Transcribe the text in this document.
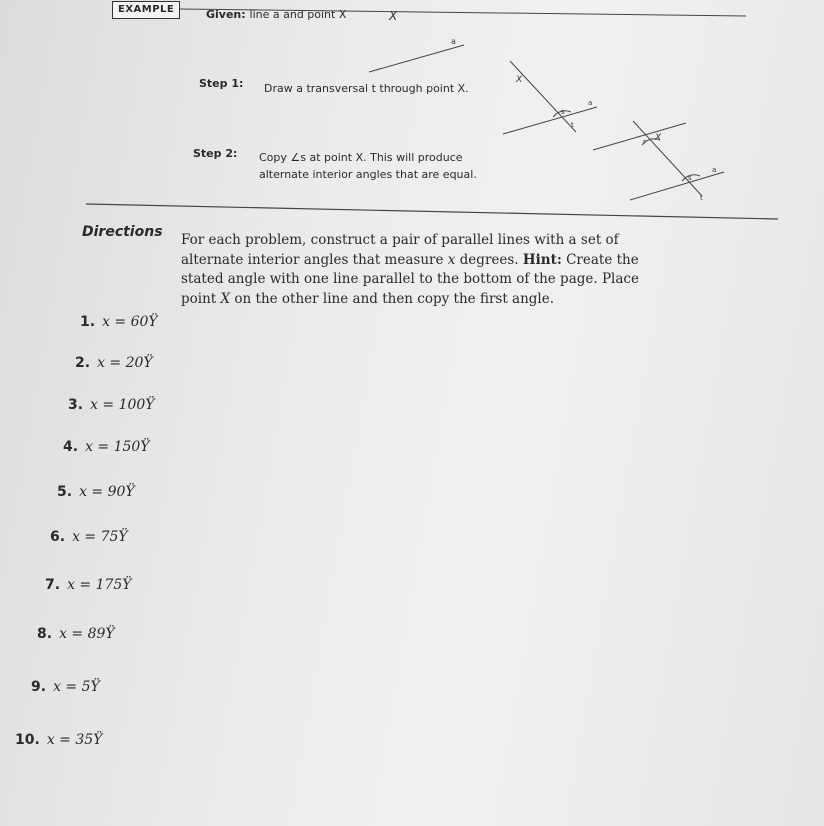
EXAMPLE	Given: line a and point X
Step 1: Draw a transversal t through point X.
Step 2: Copy ∠s at point X. This will produce
alternate interior angles that are equal.
X
a
s
X
a
t
r X
s
a
t
Directions For each problem, construct a pair of parallel lines with a set of alternate interior angles that measure x degrees. Hint: Create the stated angle with one line parallel to the bottom of the page. Place point X on the other line and then copy the first angle.
1. x = 60Ÿ
2. x = 20Ÿ
3. x = 100Ÿ
4. x = 150Ÿ
5. x = 90Ÿ
6. x = 75Ÿ
7. x = 175Ÿ
8. x = 89Ÿ
9. x = 5Ÿ
10. x = 35Ÿ
